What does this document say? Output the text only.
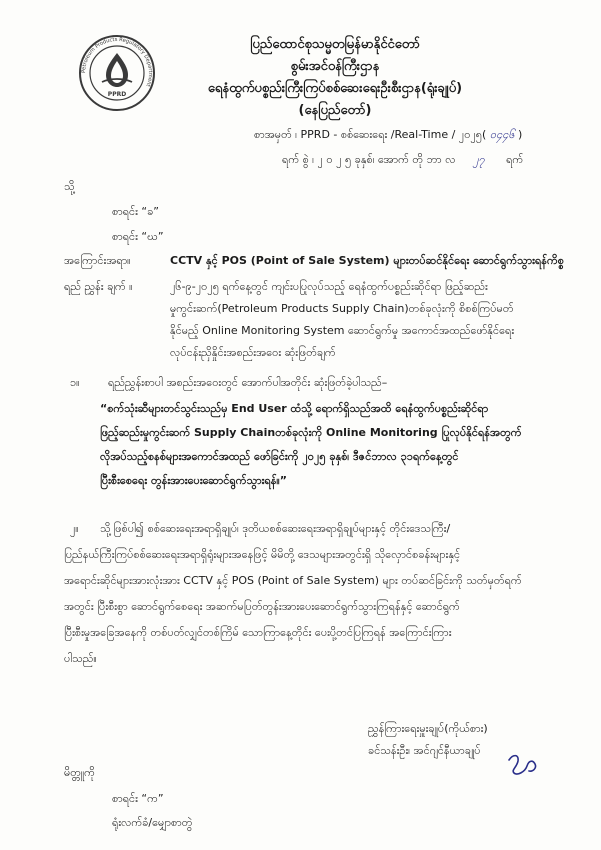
Petroleum Products Regulatory Department
PPRD
ပြည်ထောင်စုသမ္မတမြန်မာနိုင်ငံတော်
စွမ်းအင်ဝန်ကြီးဌာန
ရေနံထွက်ပစ္စည်းကြီးကြပ်စစ်ဆေးရေးဦးစီးဌာန(ရုံးချုပ်)
(နေပြည်တော်)
စာအမှတ် ၊ PPRD - စစ်ဆေးရေး /Real-Time / ၂၀၂၅( ၀၄၄၆ )
ရက် စွဲ ၊ ၂ ၀ ၂ ၅ ခုနှစ်၊ အောက် တို ဘာ လ ၂၇ ရက်
သို့
စာရင်း “ခ”
စာရင်း “ဃ”
အကြောင်းအရာ။	CCTV နှင့် POS (Point of Sale System) များတပ်ဆင်နိုင်ရေး ဆောင်ရွက်သွားရန်ကိစ္စ
ရည် ညွှန်း ချက် ။	၂၆-၉-၂၀၂၅ ရက်နေ့တွင် ကျင်းပပြုလုပ်သည့် ရေနံထွက်ပစ္စည်းဆိုင်ရာ ဖြည့်ဆည်း
မှုကွင်းဆက်(Petroleum Products Supply Chain)တစ်ခုလုံးကို စိစစ်ကြပ်မတ်
နိုင်မည့် Online Monitoring System ဆောင်ရွက်မှု အကောင်အထည်ဖော်နိုင်ရေး
လုပ်ငန်းညှိနှိုင်းအစည်းအဝေး ဆုံးဖြတ်ချက်
၁။	ရည်ညွှန်းစာပါ အစည်းအဝေးတွင် အောက်ပါအတိုင်း ဆုံးဖြတ်ခဲ့ပါသည်–
“စက်သုံးဆီများတင်သွင်းသည်မှ End User ထံသို့ ရောက်ရှိသည်အထိ ရေနံထွက်ပစ္စည်းဆိုင်ရာ
ဖြည့်ဆည်းမှုကွင်းဆက် Supply Chainတစ်ခုလုံးကို Online Monitoring ပြုလုပ်နိုင်ရန်အတွက်
လိုအပ်သည့်စနစ်များအကောင်အထည် ဖော်ခြင်းကို ၂၀၂၅ ခုနှစ်၊ ဒီဇင်ဘာလ ၃၁ရက်နေ့တွင်
ပြီးစီးစေရေး တွန်းအားပေးဆောင်ရွက်သွားရန်။”
၂။ သို့ဖြစ်ပါ၍ စစ်ဆေးရေးအရာရှိချုပ်၊ ဒုတိယစစ်ဆေးရေးအရာရှိချုပ်များနှင့် တိုင်းဒေသကြီး/
ပြည်နယ်ကြီးကြပ်စစ်ဆေးရေးအရာရှိရုံးများအနေဖြင့် မိမိတို့ ဒေသများအတွင်းရှိ သိုလှောင်စခန်းများနှင့်
အရောင်းဆိုင်များအားလုံးအား CCTV နှင့် POS (Point of Sale System) များ တပ်ဆင်ခြင်းကို သတ်မှတ်ရက်
အတွင်း ပြီးစီးစွာ ဆောင်ရွက်စေရေး အဆက်မပြတ်တွန်းအားပေးဆောင်ရွက်သွားကြရန်နှင့် ဆောင်ရွက်
ပြီးစီးမှုအခြေအနေကို တစ်ပတ်လျှင်တစ်ကြိမ် သောကြာနေ့တိုင်း ပေးပို့တင်ပြကြရန် အကြောင်းကြား
ပါသည်။
ညွှန်ကြားရေးမှူးချုပ်(ကိုယ်စား)
ခင်သန်းဦး၊ အင်ဂျင်နီယာချုပ်
မိတ္တူကို
စာရင်း “က”
ရုံးလက်ခံ/မျှောစာတွဲ
